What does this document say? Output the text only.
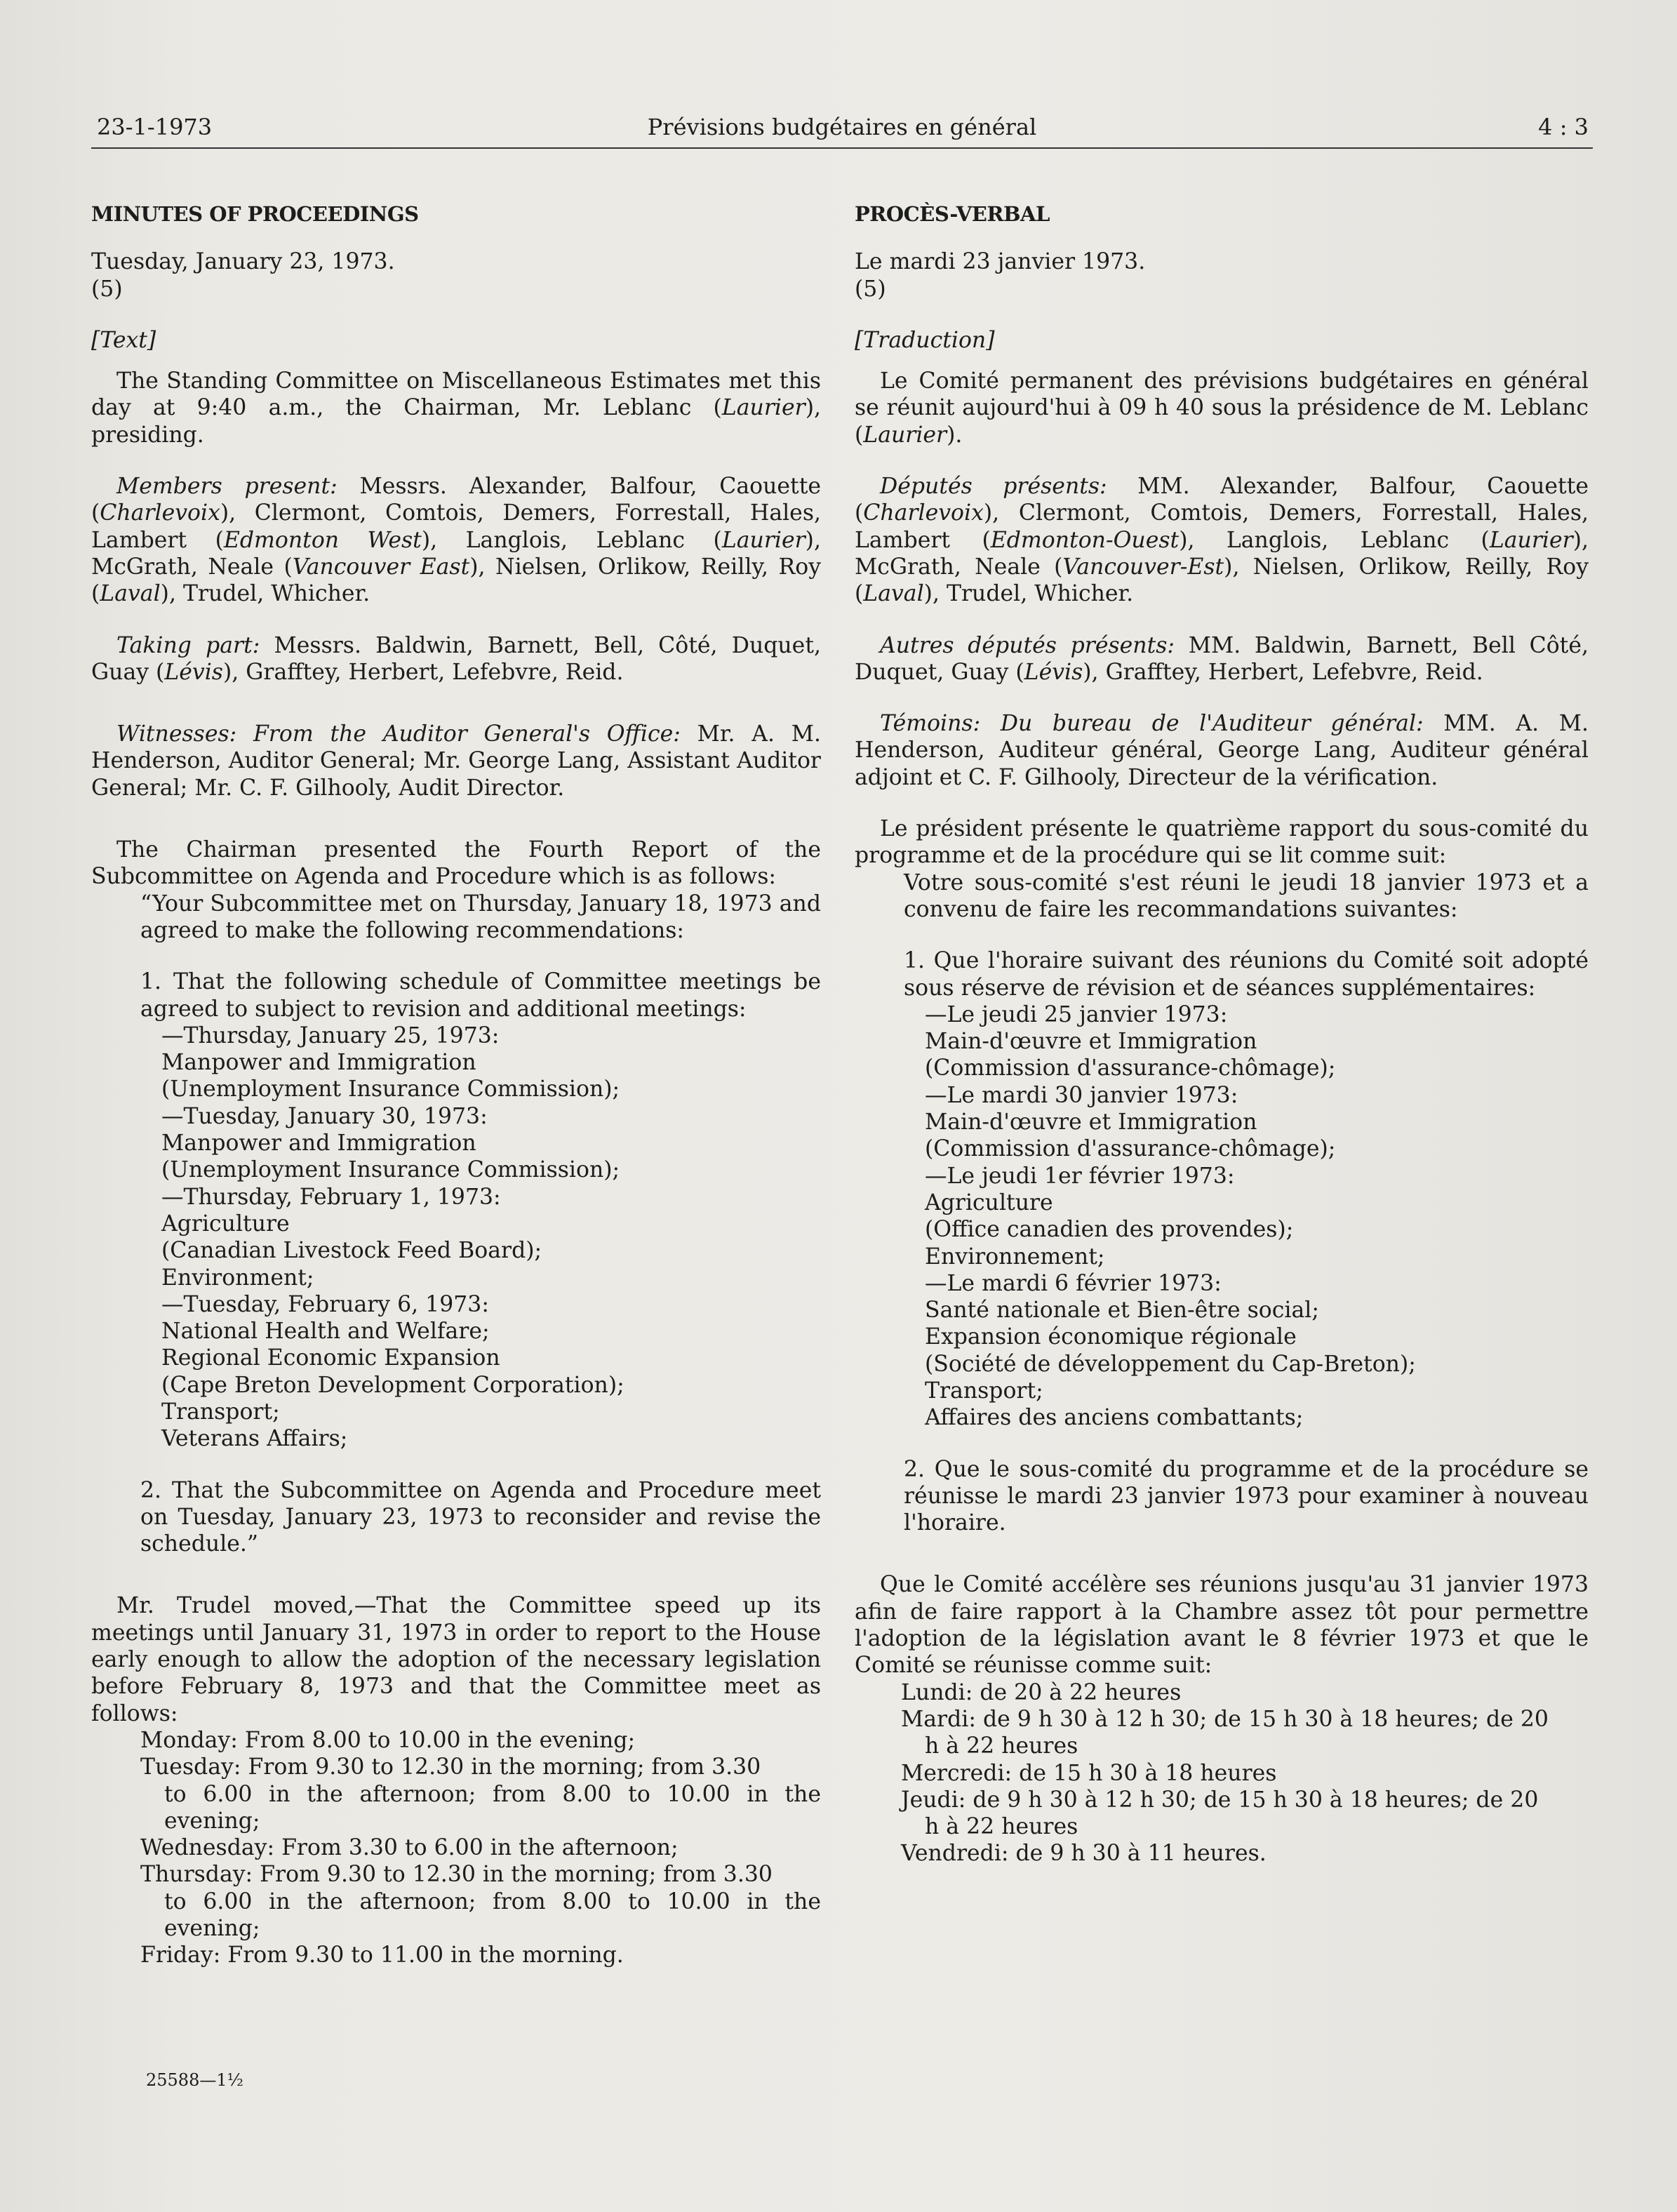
23-1-1973	Prévisions budgétaires en général	4 : 3
MINUTES OF PROCEEDINGS

Tuesday, January 23, 1973.

(5)

[Text]

The Standing Committee on Miscellaneous Estimates met this day at 9:40 a.m., the Chairman, Mr. Leblanc (Laurier), presiding.

Members present: Messrs. Alexander, Balfour, Caouette (Charlevoix), Clermont, Comtois, Demers, Forrestall, Hales, Lambert (Edmonton West), Langlois, Leblanc (Laurier), McGrath, Neale (Vancouver East), Nielsen, Orlikow, Reilly, Roy (Laval), Trudel, Whicher.

Taking part: Messrs. Baldwin, Barnett, Bell, Côté, Duquet, Guay (Lévis), Grafftey, Herbert, Lefebvre, Reid.

Witnesses: From the Auditor General's Office: Mr. A. M. Henderson, Auditor General; Mr. George Lang, Assistant Auditor General; Mr. C. F. Gilhooly, Audit Director.

The Chairman presented the Fourth Report of the Subcommittee on Agenda and Procedure which is as follows:

“Your Subcommittee met on Thursday, January 18, 1973 and agreed to make the following recommendations:

1. That the following schedule of Committee meetings be agreed to subject to revision and additional meetings:

—Thursday, January 25, 1973:
Manpower and Immigration
(Unemployment Insurance Commission);
—Tuesday, January 30, 1973:
Manpower and Immigration
(Unemployment Insurance Commission);
—Thursday, February 1, 1973:
Agriculture
(Canadian Livestock Feed Board);
Environment;
—Tuesday, February 6, 1973:
National Health and Welfare;
Regional Economic Expansion
(Cape Breton Development Corporation);
Transport;
Veterans Affairs;

2. That the Subcommittee on Agenda and Procedure meet on Tuesday, January 23, 1973 to reconsider and revise the schedule.”

Mr. Trudel moved,—That the Committee speed up its meetings until January 31, 1973 in order to report to the House early enough to allow the adoption of the necessary legislation before February 8, 1973 and that the Committee meet as follows:

Monday: From 8.00 to 10.00 in the evening;
Tuesday: From 9.30 to 12.30 in the morning; from 3.30
to 6.00 in the afternoon; from 8.00 to 10.00 in the evening;
Wednesday: From 3.30 to 6.00 in the afternoon;
Thursday: From 9.30 to 12.30 in the morning; from 3.30
to 6.00 in the afternoon; from 8.00 to 10.00 in the evening;
Friday: From 9.30 to 11.00 in the morning.
PROCÈS-VERBAL

Le mardi 23 janvier 1973.

(5)

[Traduction]

Le Comité permanent des prévisions budgétaires en général se réunit aujourd'hui à 09 h 40 sous la présidence de M. Leblanc (Laurier).

Députés présents: MM. Alexander, Balfour, Caouette (Charlevoix), Clermont, Comtois, Demers, Forrestall, Hales, Lambert (Edmonton-Ouest), Langlois, Leblanc (Laurier), McGrath, Neale (Vancouver-Est), Nielsen, Orlikow, Reilly, Roy (Laval), Trudel, Whicher.

Autres députés présents: MM. Baldwin, Barnett, Bell Côté, Duquet, Guay (Lévis), Grafftey, Herbert, Lefebvre, Reid.

Témoins: Du bureau de l'Auditeur général: MM. A. M. Henderson, Auditeur général, George Lang, Auditeur général adjoint et C. F. Gilhooly, Directeur de la vérification.

Le président présente le quatrième rapport du sous-comité du programme et de la procédure qui se lit comme suit:

Votre sous-comité s'est réuni le jeudi 18 janvier 1973 et a convenu de faire les recommandations suivantes:

1. Que l'horaire suivant des réunions du Comité soit adopté sous réserve de révision et de séances supplémentaires:

—Le jeudi 25 janvier 1973:
Main-d'œuvre et Immigration
(Commission d'assurance-chômage);
—Le mardi 30 janvier 1973:
Main-d'œuvre et Immigration
(Commission d'assurance-chômage);
—Le jeudi 1er février 1973:
Agriculture
(Office canadien des provendes);
Environnement;
—Le mardi 6 février 1973:
Santé nationale et Bien-être social;
Expansion économique régionale
(Société de développement du Cap-Breton);
Transport;
Affaires des anciens combattants;

2. Que le sous-comité du programme et de la procédure se réunisse le mardi 23 janvier 1973 pour examiner à nouveau l'horaire.

Que le Comité accélère ses réunions jusqu'au 31 janvier 1973 afin de faire rapport à la Chambre assez tôt pour permettre l'adoption de la législation avant le 8 février 1973 et que le Comité se réunisse comme suit:

Lundi: de 20 à 22 heures
Mardi: de 9 h 30 à 12 h 30; de 15 h 30 à 18 heures; de 20
h à 22 heures
Mercredi: de 15 h 30 à 18 heures
Jeudi: de 9 h 30 à 12 h 30; de 15 h 30 à 18 heures; de 20
h à 22 heures
Vendredi: de 9 h 30 à 11 heures.
25588—1½
